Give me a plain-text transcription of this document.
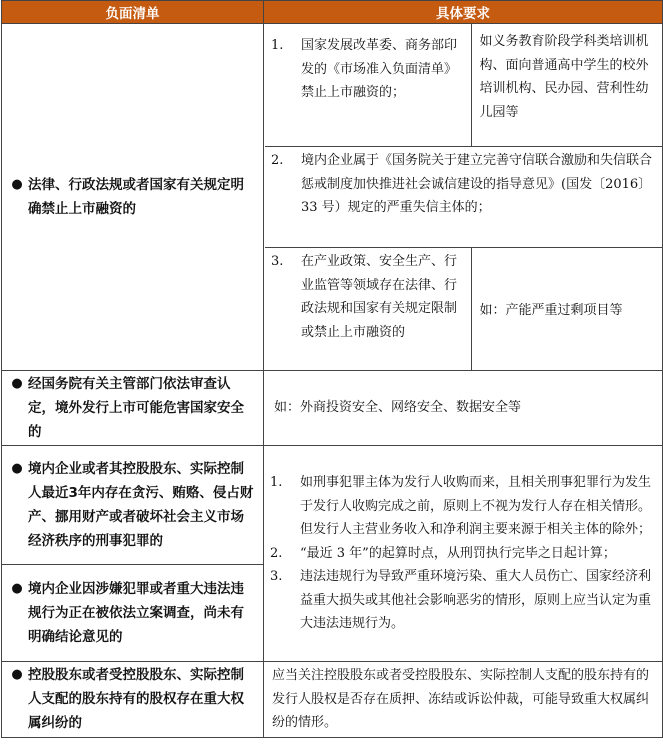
负面清单	具体要求

● 法律、行政法规或者国家有关规定明确禁止上市融资的

1.	国家发展改革委、商务部印发的《市场准入负面清单》禁止上市融资的；
	如义务教育阶段学科类培训机构、面向普通高中学生的校外培训机构、民办园、营利性幼儿园等

2.	境内企业属于《国务院关于建立完善守信联合激励和失信联合惩戒制度加快推进社会诚信建设的指导意见》(国发〔2016〕33 号）规定的严重失信主体的；

3.	在产业政策、安全生产、行业监管等领域存在法律、行政法规和国家有关规定限制或禁止上市融资的
	如：产能严重过剩项目等

● 经国务院有关主管部门依法审查认定，境外发行上市可能危害国家安全的
	如：外商投资安全、网络安全、数据安全等

● 境内企业或者其控股股东、实际控制人最近3年内存在贪污、贿赂、侵占财产、挪用财产或者破坏社会主义市场经济秩序的刑事犯罪的

1.	如刑事犯罪主体为发行人收购而来，且相关刑事犯罪行为发生于发行人收购完成之前，原则上不视为发行人存在相关情形。但发行人主营业务收入和净利润主要来源于相关主体的除外；
2.	“最近 3 年”的起算时点，从刑罚执行完毕之日起计算；
3.	违法违规行为导致严重环境污染、重大人员伤亡、国家经济利益重大损失或其他社会影响恶劣的情形，原则上应当认定为重大违法违规行为。

● 境内企业因涉嫌犯罪或者重大违法违规行为正在被依法立案调查，尚未有明确结论意见的

● 控股股东或者受控股股东、实际控制人支配的股东持有的股权存在重大权属纠纷的
	应当关注控股股东或者受控股股东、实际控制人支配的股东持有的发行人股权是否存在质押、冻结或诉讼仲裁，可能导致重大权属纠纷的情形。
